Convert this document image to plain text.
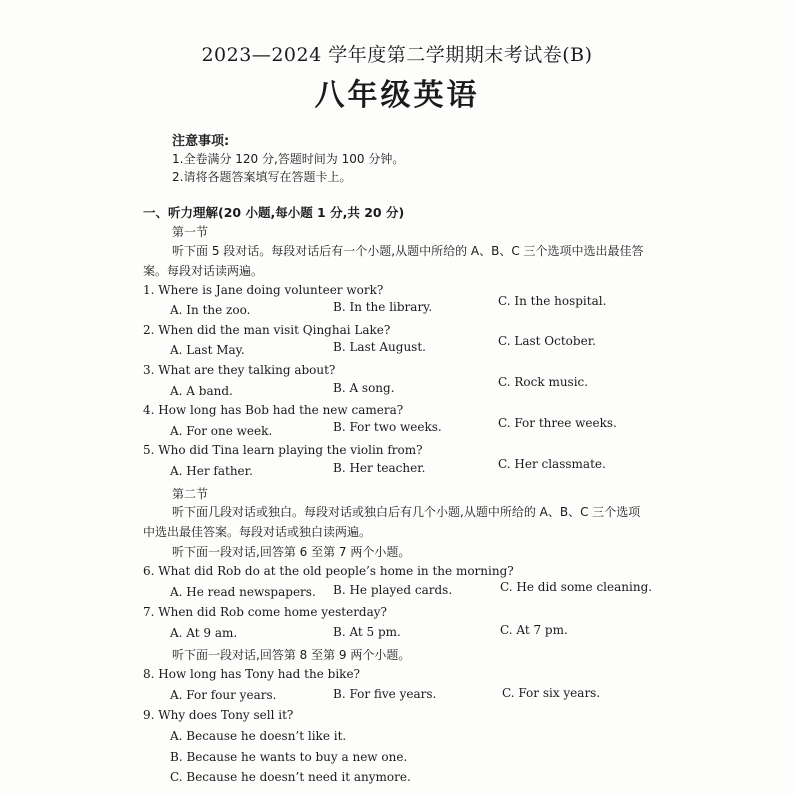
2023—2024 学年度第二学期期末考试卷(B)
八年级英语
注意事项:
1.全卷满分 120 分,答题时间为 100 分钟。
2.请将各题答案填写在答题卡上。
一、听力理解(20 小题,每小题 1 分,共 20 分)
第一节
听下面 5 段对话。每段对话后有一个小题,从题中所给的 A、B、C 三个选项中选出最佳答
案。每段对话读两遍。
1. Where is Jane doing volunteer work?
A. In the zoo.	B. In the library.	C. In the hospital.
2. When did the man visit Qinghai Lake?
A. Last May.	B. Last August.	C. Last October.
3. What are they talking about?
A. A band.	B. A song.	C. Rock music.
4. How long has Bob had the new camera?
A. For one week.	B. For two weeks.	C. For three weeks.
5. Who did Tina learn playing the violin from?
A. Her father.	B. Her teacher.	C. Her classmate.
第二节
听下面几段对话或独白。每段对话或独白后有几个小题,从题中所给的 A、B、C 三个选项
中选出最佳答案。每段对话或独白读两遍。
听下面一段对话,回答第 6 至第 7 两个小题。
6. What did Rob do at the old people’s home in the morning?
A. He read newspapers. B. He played cards.	C. He did some cleaning.
7. When did Rob come home yesterday?
A. At 9 am.	B. At 5 pm.	C. At 7 pm.
听下面一段对话,回答第 8 至第 9 两个小题。
8. How long has Tony had the bike?
A. For four years.	B. For five years.	C. For six years.
9. Why does Tony sell it?
A. Because he doesn’t like it.
B. Because he wants to buy a new one.
C. Because he doesn’t need it anymore.
